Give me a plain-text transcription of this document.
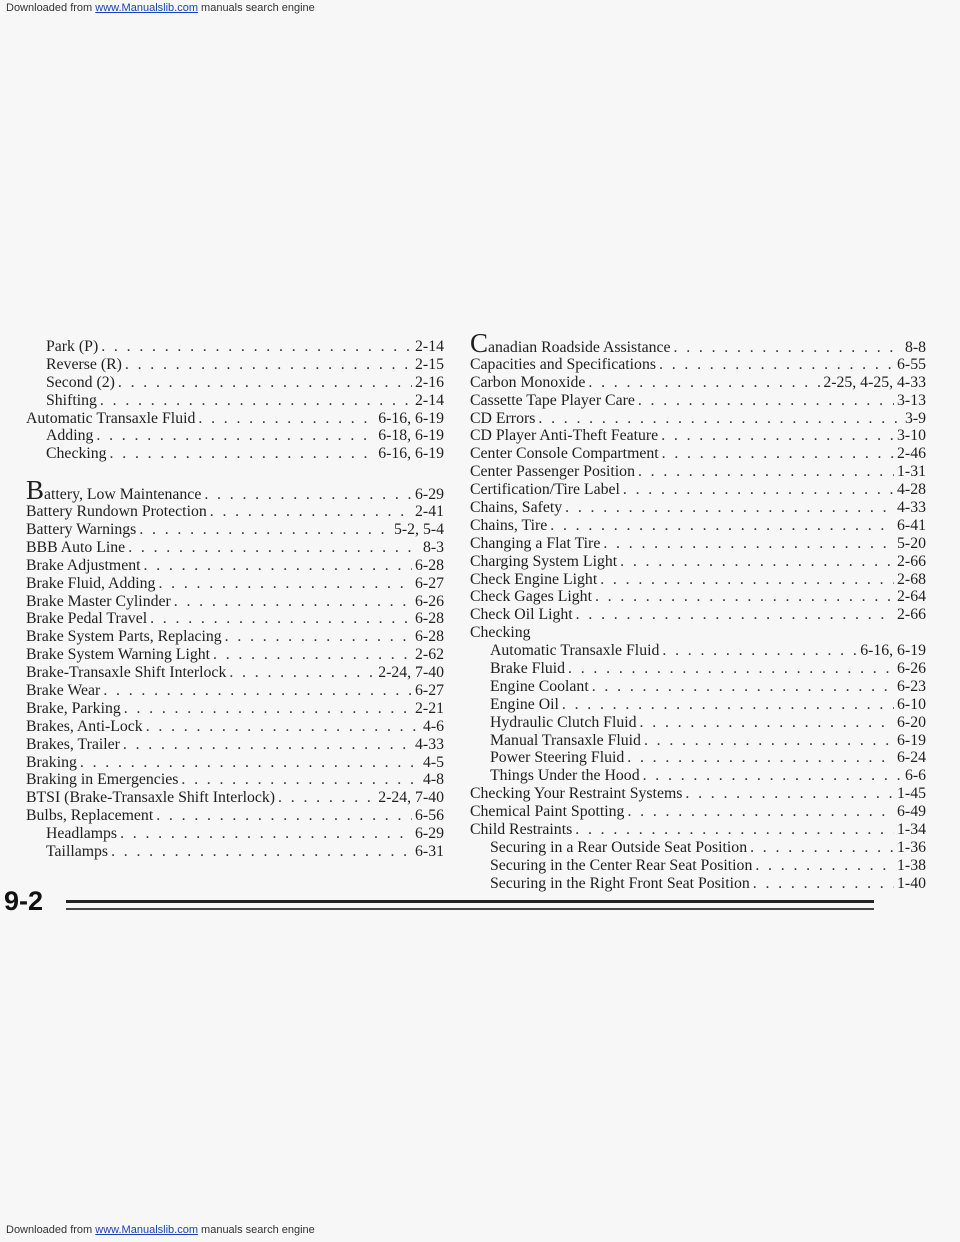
Downloaded from www.Manualslib.com manuals search engine
Park (P) . . .	2-14
Reverse (R) . . .	2-15
Second (2) . . .	2-16
Shifting . . .	2-14
Automatic Transaxle Fluid . . .	6-16, 6-19
Adding . . .	6-18, 6-19
Checking . . .	6-16, 6-19
Battery, Low Maintenance . . .	6-29
Battery Rundown Protection . . .	2-41
Battery Warnings . . .	5-2, 5-4
BBB Auto Line . . .	8-3
Brake Adjustment . . .	6-28
Brake Fluid, Adding . . .	6-27
Brake Master Cylinder . . .	6-26
Brake Pedal Travel . . .	6-28
Brake System Parts, Replacing . . .	6-28
Brake System Warning Light . . .	2-62
Brake-Transaxle Shift Interlock . . .	2-24, 7-40
Brake Wear . . .	6-27
Brake, Parking . . .	2-21
Brakes, Anti-Lock . . .	4-6
Brakes, Trailer . . .	4-33
Braking . . .	4-5
Braking in Emergencies . . .	4-8
BTSI (Brake-Transaxle Shift Interlock) . . .	2-24, 7-40
Bulbs, Replacement . . .	6-56
Headlamps . . .	6-29
Taillamps . . .	6-31
Canadian Roadside Assistance . . .	8-8
Capacities and Specifications . . .	6-55
Carbon Monoxide . . .	2-25, 4-25, 4-33
Cassette Tape Player Care . . .	3-13
CD Errors . . .	3-9
CD Player Anti-Theft Feature . . .	3-10
Center Console Compartment . . .	2-46
Center Passenger Position . . .	1-31
Certification/Tire Label . . .	4-28
Chains, Safety . . .	4-33
Chains, Tire . . .	6-41
Changing a Flat Tire . . .	5-20
Charging System Light . . .	2-66
Check Engine Light . . .	2-68
Check Gages Light . . .	2-64
Check Oil Light . . .	2-66
Checking
Automatic Transaxle Fluid . . .	6-16, 6-19
Brake Fluid . . .	6-26
Engine Coolant . . .	6-23
Engine Oil . . .	6-10
Hydraulic Clutch Fluid . . .	6-20
Manual Transaxle Fluid . . .	6-19
Power Steering Fluid . . .	6-24
Things Under the Hood . . .	6-6
Checking Your Restraint Systems . . .	1-45
Chemical Paint Spotting . . .	6-49
Child Restraints . . .	1-34
Securing in a Rear Outside Seat Position . . .	1-36
Securing in the Center Rear Seat Position . . .	1-38
Securing in the Right Front Seat Position . . .	1-40
9-2
Downloaded from www.Manualslib.com manuals search engine
